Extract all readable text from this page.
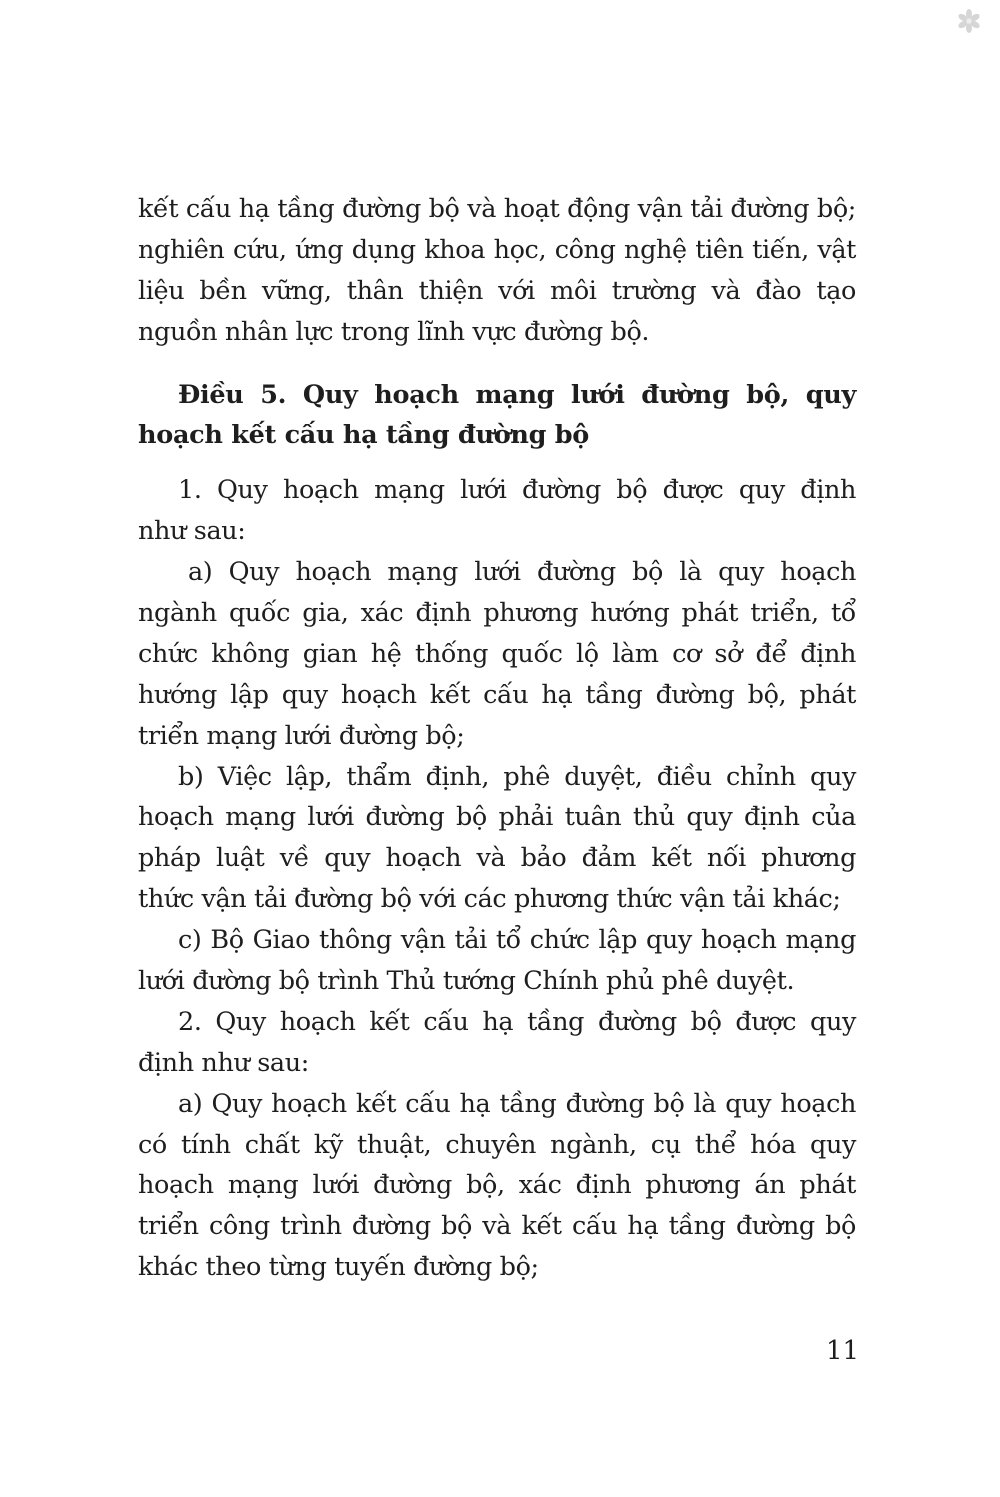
kết cấu hạ tầng đường bộ và hoạt động vận tải đường bộ;
nghiên cứu, ứng dụng khoa học, công nghệ tiên tiến, vật
liệu bền vững, thân thiện với môi trường và đào tạo
nguồn nhân lực trong lĩnh vực đường bộ.
Điều 5. Quy hoạch mạng lưới đường bộ, quy
hoạch kết cấu hạ tầng đường bộ
1. Quy hoạch mạng lưới đường bộ được quy định
như sau:
a) Quy hoạch mạng lưới đường bộ là quy hoạch
ngành quốc gia, xác định phương hướng phát triển, tổ
chức không gian hệ thống quốc lộ làm cơ sở để định
hướng lập quy hoạch kết cấu hạ tầng đường bộ, phát
triển mạng lưới đường bộ;
b) Việc lập, thẩm định, phê duyệt, điều chỉnh quy
hoạch mạng lưới đường bộ phải tuân thủ quy định của
pháp luật về quy hoạch và bảo đảm kết nối phương
thức vận tải đường bộ với các phương thức vận tải khác;
c) Bộ Giao thông vận tải tổ chức lập quy hoạch mạng
lưới đường bộ trình Thủ tướng Chính phủ phê duyệt.
2. Quy hoạch kết cấu hạ tầng đường bộ được quy
định như sau:
a) Quy hoạch kết cấu hạ tầng đường bộ là quy hoạch
có tính chất kỹ thuật, chuyên ngành, cụ thể hóa quy
hoạch mạng lưới đường bộ, xác định phương án phát
triển công trình đường bộ và kết cấu hạ tầng đường bộ
khác theo từng tuyến đường bộ;
11
